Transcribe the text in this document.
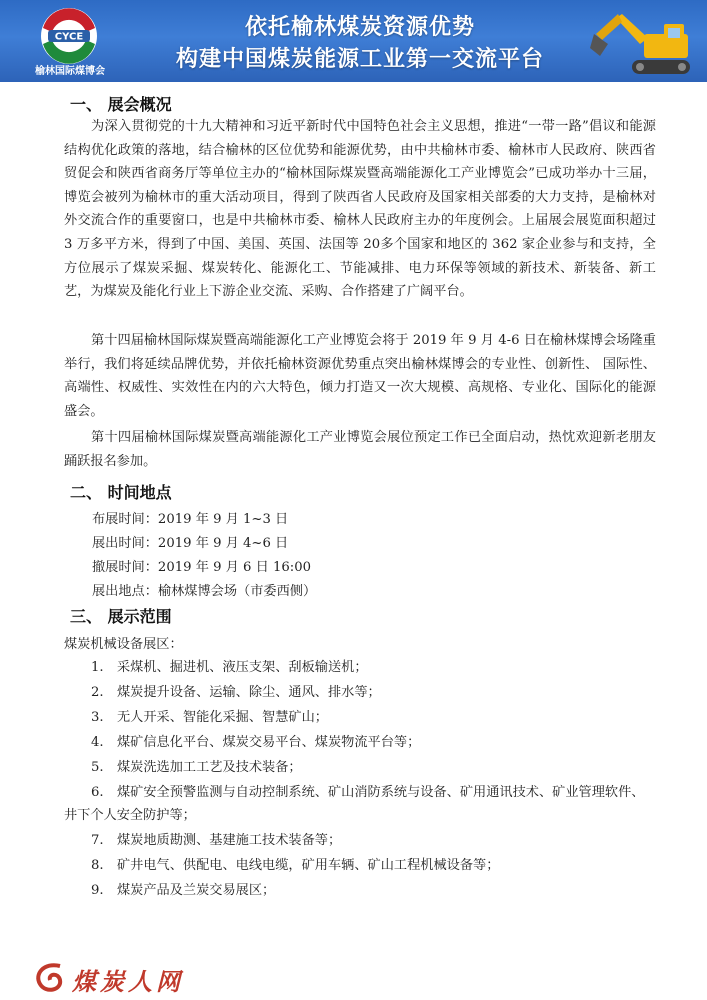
CYCE
榆林国际煤博会
依托榆林煤炭资源优势
构建中国煤炭能源工业第一交流平台
一、 展会概况

为深入贯彻党的十九大精神和习近平新时代中国特色社会主义思想，推进“一带一路”倡议和能源结构优化政策的落地，结合榆林的区位优势和能源优势，由中共榆林市委、榆林市人民政府、陕西省贸促会和陕西省商务厅等单位主办的“榆林国际煤炭暨高端能源化工产业博览会”已成功举办十三届，博览会被列为榆林市的重大活动项目，得到了陕西省人民政府及国家相关部委的大力支持，是榆林对外交流合作的重要窗口，也是中共榆林市委、榆林人民政府主办的年度例会。上届展会展览面积超过 3 万多平方米，得到了中国、美国、英国、法国等 20多个国家和地区的 362 家企业参与和支持，全方位展示了煤炭采掘、煤炭转化、能源化工、节能减排、电力环保等领域的新技术、新装备、新工艺，为煤炭及能化行业上下游企业交流、采购、合作搭建了广阔平台。

第十四届榆林国际煤炭暨高端能源化工产业博览会将于 2019 年 9 月 4-6 日在榆林煤博会场隆重举行，我们将延续品牌优势，并依托榆林资源优势重点突出榆林煤博会的专业性、创新性、 国际性、高端性、权威性、实效性在内的六大特色，倾力打造又一次大规模、高规格、专业化、国际化的能源盛会。

第十四届榆林国际煤炭暨高端能源化工产业博览会展位预定工作已全面启动，热忱欢迎新老朋友踊跃报名参加。

二、 时间地点
布展时间：2019 年 9 月 1~3 日
展出时间：2019 年 9 月 4~6 日
撤展时间：2019 年 9 月 6 日 16:00
展出地点：榆林煤博会场（市委西侧）
三、 展示范围
煤炭机械设备展区：

1. 采煤机、掘进机、液压支架、刮板输送机；

2. 煤炭提升设备、运输、除尘、通风、排水等；

3. 无人开采、智能化采掘、智慧矿山；

4. 煤矿信息化平台、煤炭交易平台、煤炭物流平台等；

5. 煤炭洗选加工工艺及技术装备；

6. 煤矿安全预警监测与自动控制系统、矿山消防系统与设备、矿用通讯技术、矿业管理软件、井下个人安全防护等；

7. 煤炭地质勘测、基建施工技术装备等；

8. 矿井电气、供配电、电线电缆，矿用车辆、矿山工程机械设备等；

9. 煤炭产品及兰炭交易展区；

煤炭人网
